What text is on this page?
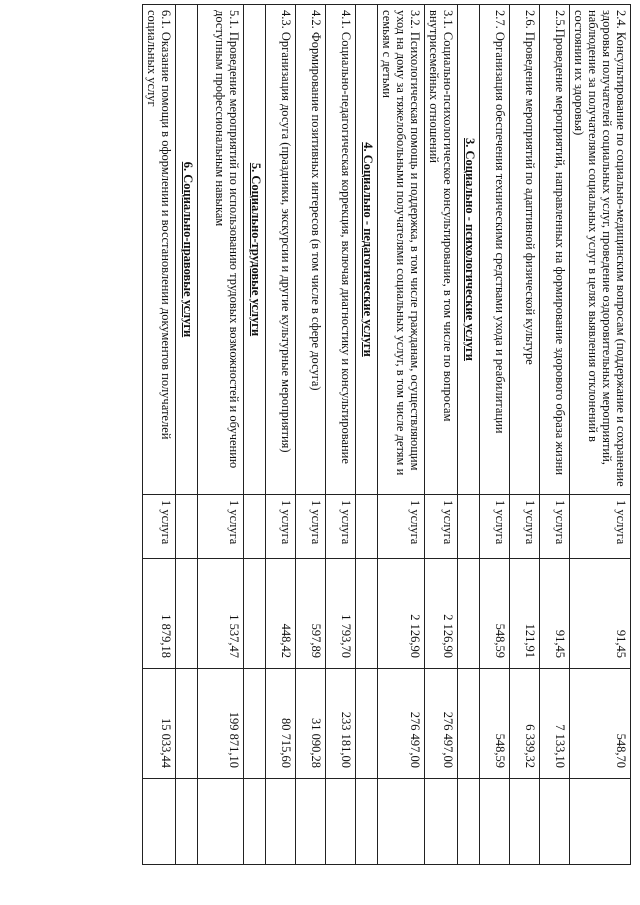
2.4. Консультирование по социально-медицинским вопросам (поддержание и сохранение здоровья получателей социальных услуг, проведение оздоровительных мероприятий, наблюдение за получателями социальных услуг в целях выявления отклонений в состоянии их здоровья)	1 услуга	91,45	548,70	
2.5.Проведение мероприятий, направленных на формирование здорового образа жизни	1 услуга	91,45	7 133,10	
2.6. Проведение мероприятий по адаптивной физической культуре	1 услуга	121,91	6 339,32	
2.7. Организация обеспечения техническими средствами ухода и реабилитации	1 услуга	548,59	548,59	
3. Социально - психологические услуги				
3.1. Социально-психологическое консультирование, в том числе по вопросам внутрисемейных отношений	1 услуга	2 126,90	276 497,00	
3.2. Психологическая помощь и поддержка, в том числе гражданам, осуществляющим уход на дому за тяжелобольными получателями социальных услуг, в том числе детям и семьям с детьми	1 услуга	2 126,90	276 497,00	
4. Социально - педагогические услуги				
4.1. Социально-педагогическая коррекция, включая диагностику и консультирование	1 услуга	1 793,70	233 181,00	
4.2. Формирование позитивных интересов (в том числе в сфере досуга)	1 услуга	597,89	31 090,28	
4.3. Организация досуга (праздники, экскурсии и другие культурные мероприятия)	1 услуга	448,42	80 715,60	
5. Социально-трудовые услуги				
5.1. Проведение мероприятий по использованию трудовых возможностей и обучению доступным профессиональным навыкам	1 услуга	1 537,47	199 871,10	
6. Социально-правовые услуги				
6.1. Оказание помощи в оформлении и восстановлении документов получателей социальных услуг	1 услуга	1 879,18	15 033,44	
